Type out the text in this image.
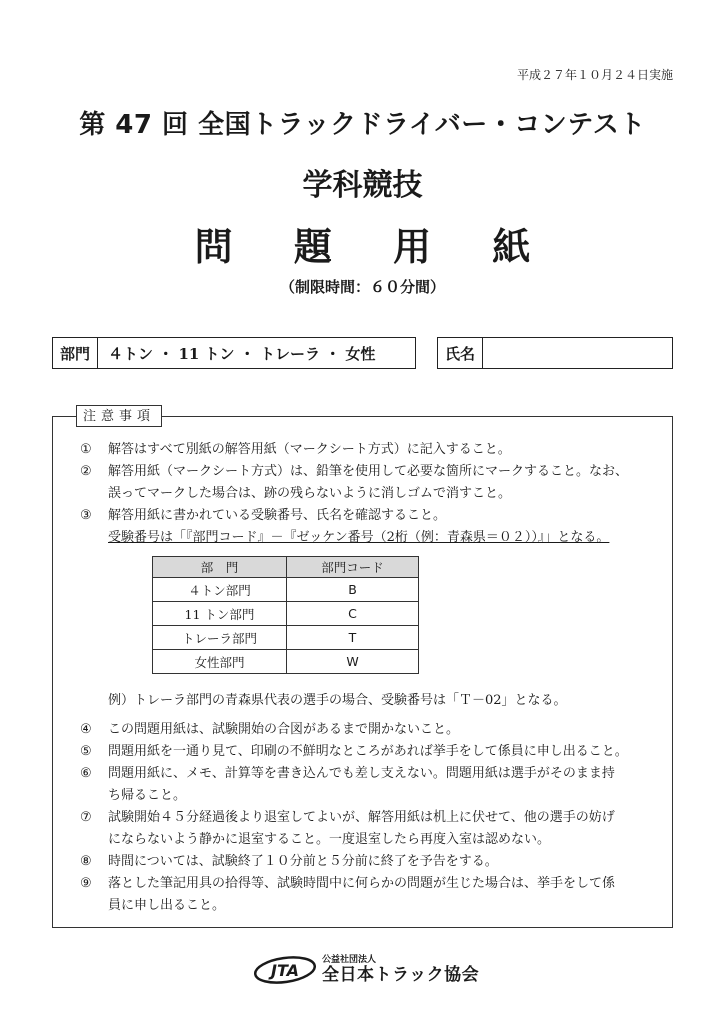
平成２７年１０月２４日実施
第 47 回 全国トラックドライバー・コンテスト
学科競技
問 題 用 紙
（制限時間：６０分間）
部門	４トン ・ 11 トン ・ トレーラ ・ 女性	氏名
注意事項
① 解答はすべて別紙の解答用紙（マークシート方式）に記入すること。
② 解答用紙（マークシート方式）は、鉛筆を使用して必要な箇所にマークすること。なお、
誤ってマークした場合は、跡の残らないように消しゴムで消すこと。
③ 解答用紙に書かれている受験番号、氏名を確認すること。
受験番号は「『部門コード』－『ゼッケン番号（2桁（例：青森県＝０２））』」となる。
部　門	部門コード
４トン部門	B
11 トン部門	C
トレーラ部門	T
女性部門	W
例）トレーラ部門の青森県代表の選手の場合、受験番号は「Ｔ－02」となる。
④ この問題用紙は、試験開始の合図があるまで開かないこと。
⑤ 問題用紙を一通り見て、印刷の不鮮明なところがあれば挙手をして係員に申し出ること。
⑥ 問題用紙に、メモ、計算等を書き込んでも差し支えない。問題用紙は選手がそのまま持
ち帰ること。
⑦ 試験開始４５分経過後より退室してよいが、解答用紙は机上に伏せて、他の選手の妨げ
にならないよう静かに退室すること。一度退室したら再度入室は認めない。
⑧ 時間については、試験終了１０分前と５分前に終了を予告をする。
⑨ 落とした筆記用具の拾得等、試験時間中に何らかの問題が生じた場合は、挙手をして係
員に申し出ること。
JTA
公益社団法人
全日本トラック協会
